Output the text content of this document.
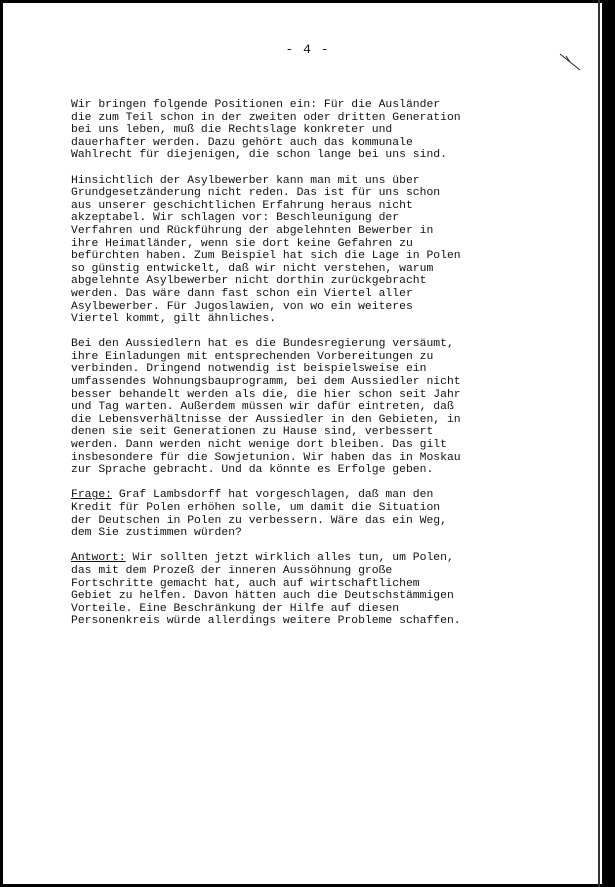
- 4 -

Wir bringen folgende Positionen ein: Für die Ausländer
die zum Teil schon in der zweiten oder dritten Generation
bei uns leben, muß die Rechtslage konkreter und
dauerhafter werden. Dazu gehört auch das kommunale
Wahlrecht für diejenigen, die schon lange bei uns sind.

Hinsichtlich der Asylbewerber kann man mit uns über
Grundgesetzänderung nicht reden. Das ist für uns schon
aus unserer geschichtlichen Erfahrung heraus nicht
akzeptabel. Wir schlagen vor: Beschleunigung der
Verfahren und Rückführung der abgelehnten Bewerber in
ihre Heimatländer, wenn sie dort keine Gefahren zu
befürchten haben. Zum Beispiel hat sich die Lage in Polen
so günstig entwickelt, daß wir nicht verstehen, warum
abgelehnte Asylbewerber nicht dorthin zurückgebracht
werden. Das wäre dann fast schon ein Viertel aller
Asylbewerber. Für Jugoslawien, von wo ein weiteres
Viertel kommt, gilt ähnliches.

Bei den Aussiedlern hat es die Bundesregierung versäumt,
ihre Einladungen mit entsprechenden Vorbereitungen zu
verbinden. Dringend notwendig ist beispielsweise ein
umfassendes Wohnungsbauprogramm, bei dem Aussiedler nicht
besser behandelt werden als die, die hier schon seit Jahr
und Tag warten. Außerdem müssen wir dafür eintreten, daß
die Lebensverhältnisse der Aussiedler in den Gebieten, in
denen sie seit Generationen zu Hause sind, verbessert
werden. Dann werden nicht wenige dort bleiben. Das gilt
insbesondere für die Sowjetunion. Wir haben das in Moskau
zur Sprache gebracht. Und da könnte es Erfolge geben.

Frage: Graf Lambsdorff hat vorgeschlagen, daß man den
Kredit für Polen erhöhen solle, um damit die Situation
der Deutschen in Polen zu verbessern. Wäre das ein Weg,
dem Sie zustimmen würden?

Antwort: Wir sollten jetzt wirklich alles tun, um Polen,
das mit dem Prozeß der inneren Aussöhnung große
Fortschritte gemacht hat, auch auf wirtschaftlichem
Gebiet zu helfen. Davon hätten auch die Deutschstämmigen
Vorteile. Eine Beschränkung der Hilfe auf diesen
Personenkreis würde allerdings weitere Probleme schaffen.
